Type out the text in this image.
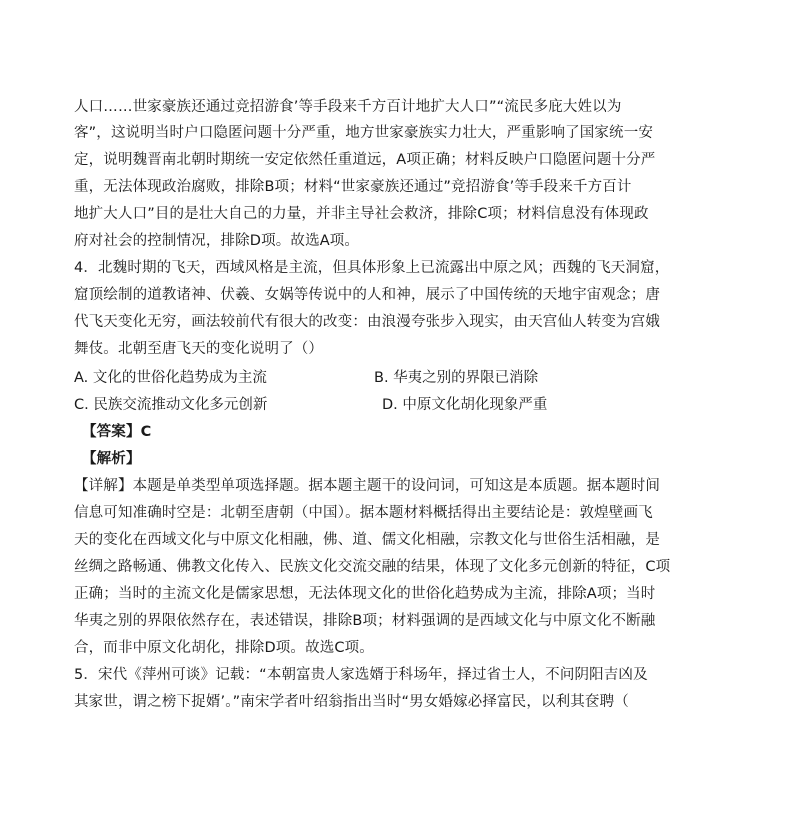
人口……世家豪族还通过竞招游食’等手段来千方百计地扩大人口”“流民多庇大姓以为
客”，这说明当时户口隐匿问题十分严重，地方世家豪族实力壮大，严重影响了国家统一安
定，说明魏晋南北朝时期统一安定依然任重道远，A项正确；材料反映户口隐匿问题十分严
重，无法体现政治腐败，排除B项；材料“世家豪族还通过”竞招游食’等手段来千方百计
地扩大人口”目的是壮大自己的力量，并非主导社会救济，排除C项；材料信息没有体现政
府对社会的控制情况，排除D项。故选A项。
4．北魏时期的飞天，西域风格是主流，但具体形象上已流露出中原之风；西魏的飞天洞窟，
窟顶绘制的道教诸神、伏羲、女娲等传说中的人和神，展示了中国传统的天地宇宙观念；唐
代飞天变化无穷，画法较前代有很大的改变：由浪漫夸张步入现实，由天宫仙人转变为宫娥
舞伎。北朝至唐飞天的变化说明了（）
A. 文化的世俗化趋势成为主流	B. 华夷之别的界限已消除
C. 民族交流推动文化多元创新	D. 中原文化胡化现象严重
【答案】C
【解析】
【详解】本题是单类型单项选择题。据本题主题干的设问词，可知这是本质题。据本题时间
信息可知准确时空是：北朝至唐朝（中国）。据本题材料概括得出主要结论是：敦煌壁画飞
天的变化在西域文化与中原文化相融，佛、道、儒文化相融，宗教文化与世俗生活相融，是
丝绸之路畅通、佛教文化传入、民族文化交流交融的结果，体现了文化多元创新的特征，C项
正确；当时的主流文化是儒家思想，无法体现文化的世俗化趋势成为主流，排除A项；当时
华夷之别的界限依然存在，表述错误，排除B项；材料强调的是西域文化与中原文化不断融
合，而非中原文化胡化，排除D项。故选C项。
5．宋代《萍州可谈》记载：“本朝富贵人家选婿于科场年，择过省士人，不问阴阳吉凶及
其家世，谓之榜下捉婿’。”南宋学者叶绍翁指出当时“男女婚嫁必择富民，以利其奁聘（
